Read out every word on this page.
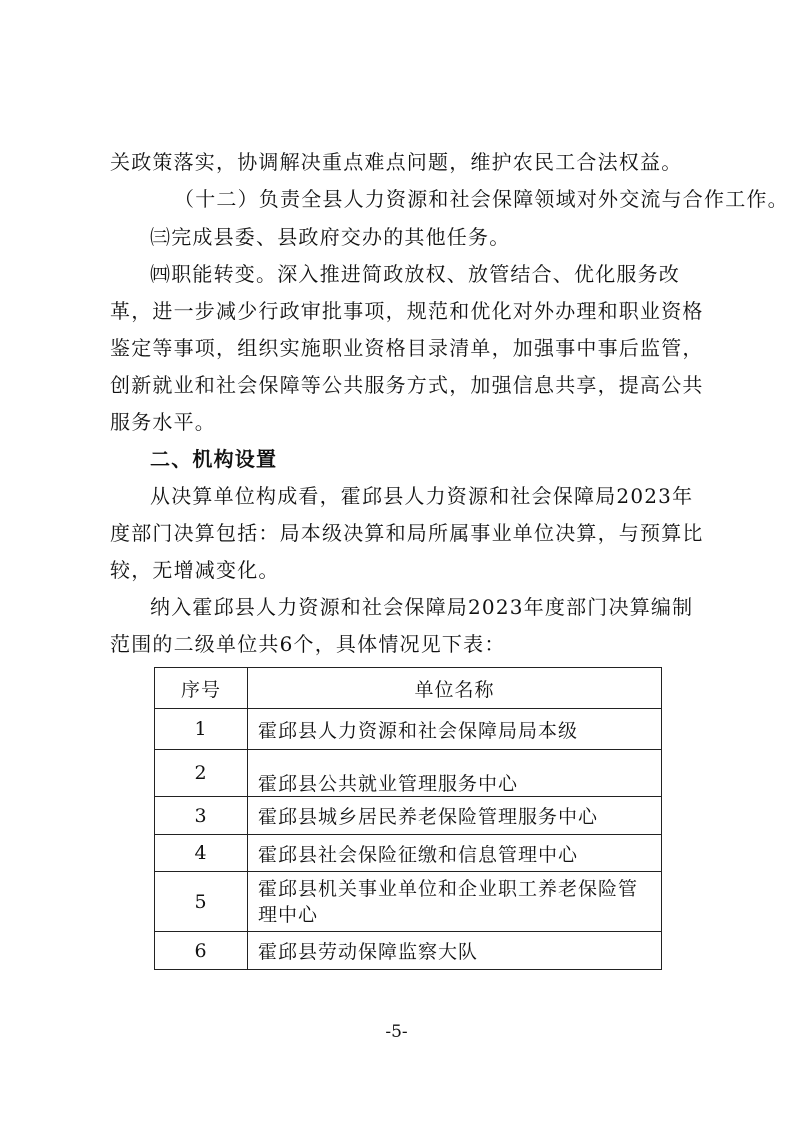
关政策落实，协调解决重点难点问题，维护农民工合法权益。
（十二）负责全县人力资源和社会保障领域对外交流与合作工作。
㈢完成县委、县政府交办的其他任务。
㈣职能转变。深入推进简政放权、放管结合、优化服务改
革，进一步减少行政审批事项，规范和优化对外办理和职业资格
鉴定等事项，组织实施职业资格目录清单，加强事中事后监管，
创新就业和社会保障等公共服务方式，加强信息共享，提高公共
服务水平。
二、机构设置
从决算单位构成看，霍邱县人力资源和社会保障局2023年
度部门决算包括：局本级决算和局所属事业单位决算，与预算比
较，无增减变化。
纳入霍邱县人力资源和社会保障局2023年度部门决算编制
范围的二级单位共6个，具体情况见下表：
序号	单位名称
1	霍邱县人力资源和社会保障局局本级
2	霍邱县公共就业管理服务中心
3	霍邱县城乡居民养老保险管理服务中心
4	霍邱县社会保险征缴和信息管理中心
5	霍邱县机关事业单位和企业职工养老保险管
理中心

6	霍邱县劳动保障监察大队
-5-
